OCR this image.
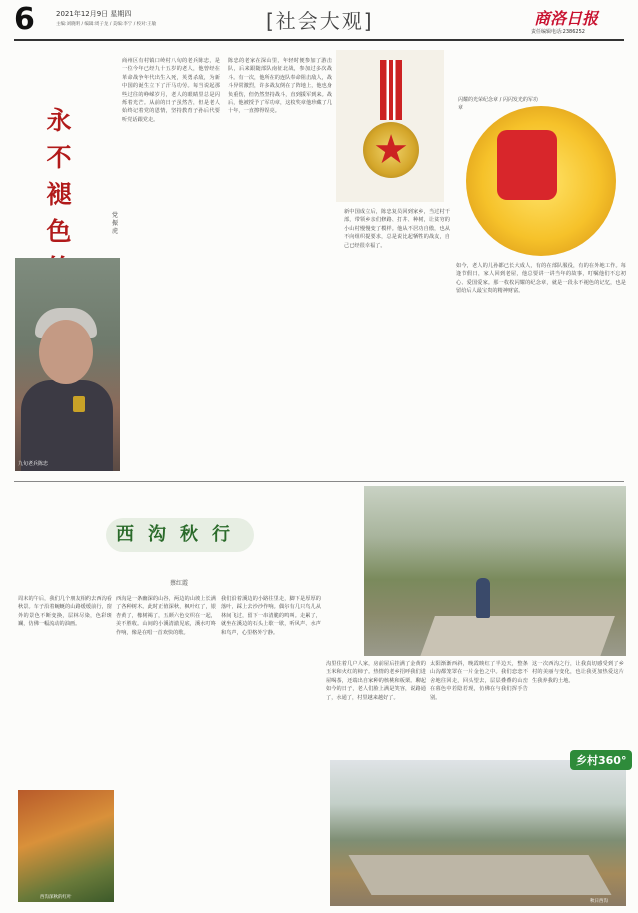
6	2021年12月9日 星期四
主编:刘晓明 / 编辑:周子龙 / 美编:李宁 / 校对:王敏	[社会大观]	商洛日报
责任编辑电话:2386252
永不褪色
党振虎
九旬老兵陈忠
商州区有村镇口岭村八旬的老兵陈忠，是一位今年已经九十五岁的老人，他曾经在革命战争年代出生入死，英勇杀敌，为新中国的诞生立下了汗马功劳。每当说起那些过往的峥嵘岁月，老人的眼睛里总是闪烁着光芒。从前的日子虽然苦，但是老人始终记着党的恩情，坚持教育子孙后代要听党话跟党走。
陈忠的老家在深山里，年轻时便参加了游击队，后来跟随部队南征北战，参加过多次战斗。有一次，他所在的连队奉命阻击敌人，战斗异常激烈，许多战友倒在了阵地上，他也身负重伤，但仍然坚持战斗，直到援军到来。战后，他被授予了军功章，这枚奖章他珍藏了几十年，一直擦得锃亮。
★
闪耀的光荣纪念章 / 闪闪发光的军功章
新中国成立后，陈忠复员回到家乡，当过村干部，带领乡亲们修路、打井、种树，让贫穷的小山村慢慢变了模样。他从不居功自傲，也从不向组织提要求，总是说比起牺牲的战友，自己已经很幸福了。
如今，老人的儿孙都已长大成人，有的在部队服役，有的在外地工作。每逢节假日，家人回到老屋，他总要讲一讲当年的故事，叮嘱他们不忘初心、爱国爱家。那一枚枚闪耀的纪念章，就是一段永不褪色的记忆，也是留给后人最宝贵的精神财富。
西沟秋行
蔡红霞
周末的午后，我们几个朋友相约去西沟看秋景。车子沿着蜿蜒的山路缓缓前行，窗外的景色不断变换，层林尽染，色彩斑斓，仿佛一幅流动的油画。
西沟是一条幽深的山谷，两边的山坡上长满了各种树木。此时正值深秋，枫叶红了，银杏黄了，橡树褐了，五颜六色交织在一起，美不胜收。山间的小溪清澈见底，溪水叮咚作响，像是在唱一首欢快的歌。
我们沿着溪边的小路往里走，脚下是厚厚的落叶，踩上去沙沙作响。偶尔有几只鸟儿从林间飞过，留下一串清脆的鸣叫。走累了，就坐在溪边的石头上歇一歇，听风声、水声和鸟声，心里格外宁静。
沟里住着几户人家，房前屋后挂满了金黄的玉米和火红的柿子。热情的老乡招呼我们进屋喝茶，还端出自家种的核桃和板栗。聊起如今的日子，老人们脸上满是笑容，说路通了，水通了，村里越来越好了。
太阳渐渐西斜，晚霞映红了半边天，整条山沟都笼罩在一片金色之中。我们恋恋不舍地往回走，回头望去，层层叠叠的山峦在暮色中若隐若现，仿佛在与我们挥手告别。
这一次西沟之行，让我真切感受到了乡村的美丽与变化，也让我更加热爱这片生我养我的土地。
西沟深秋的红叶
乡村360°
秋日西沟
